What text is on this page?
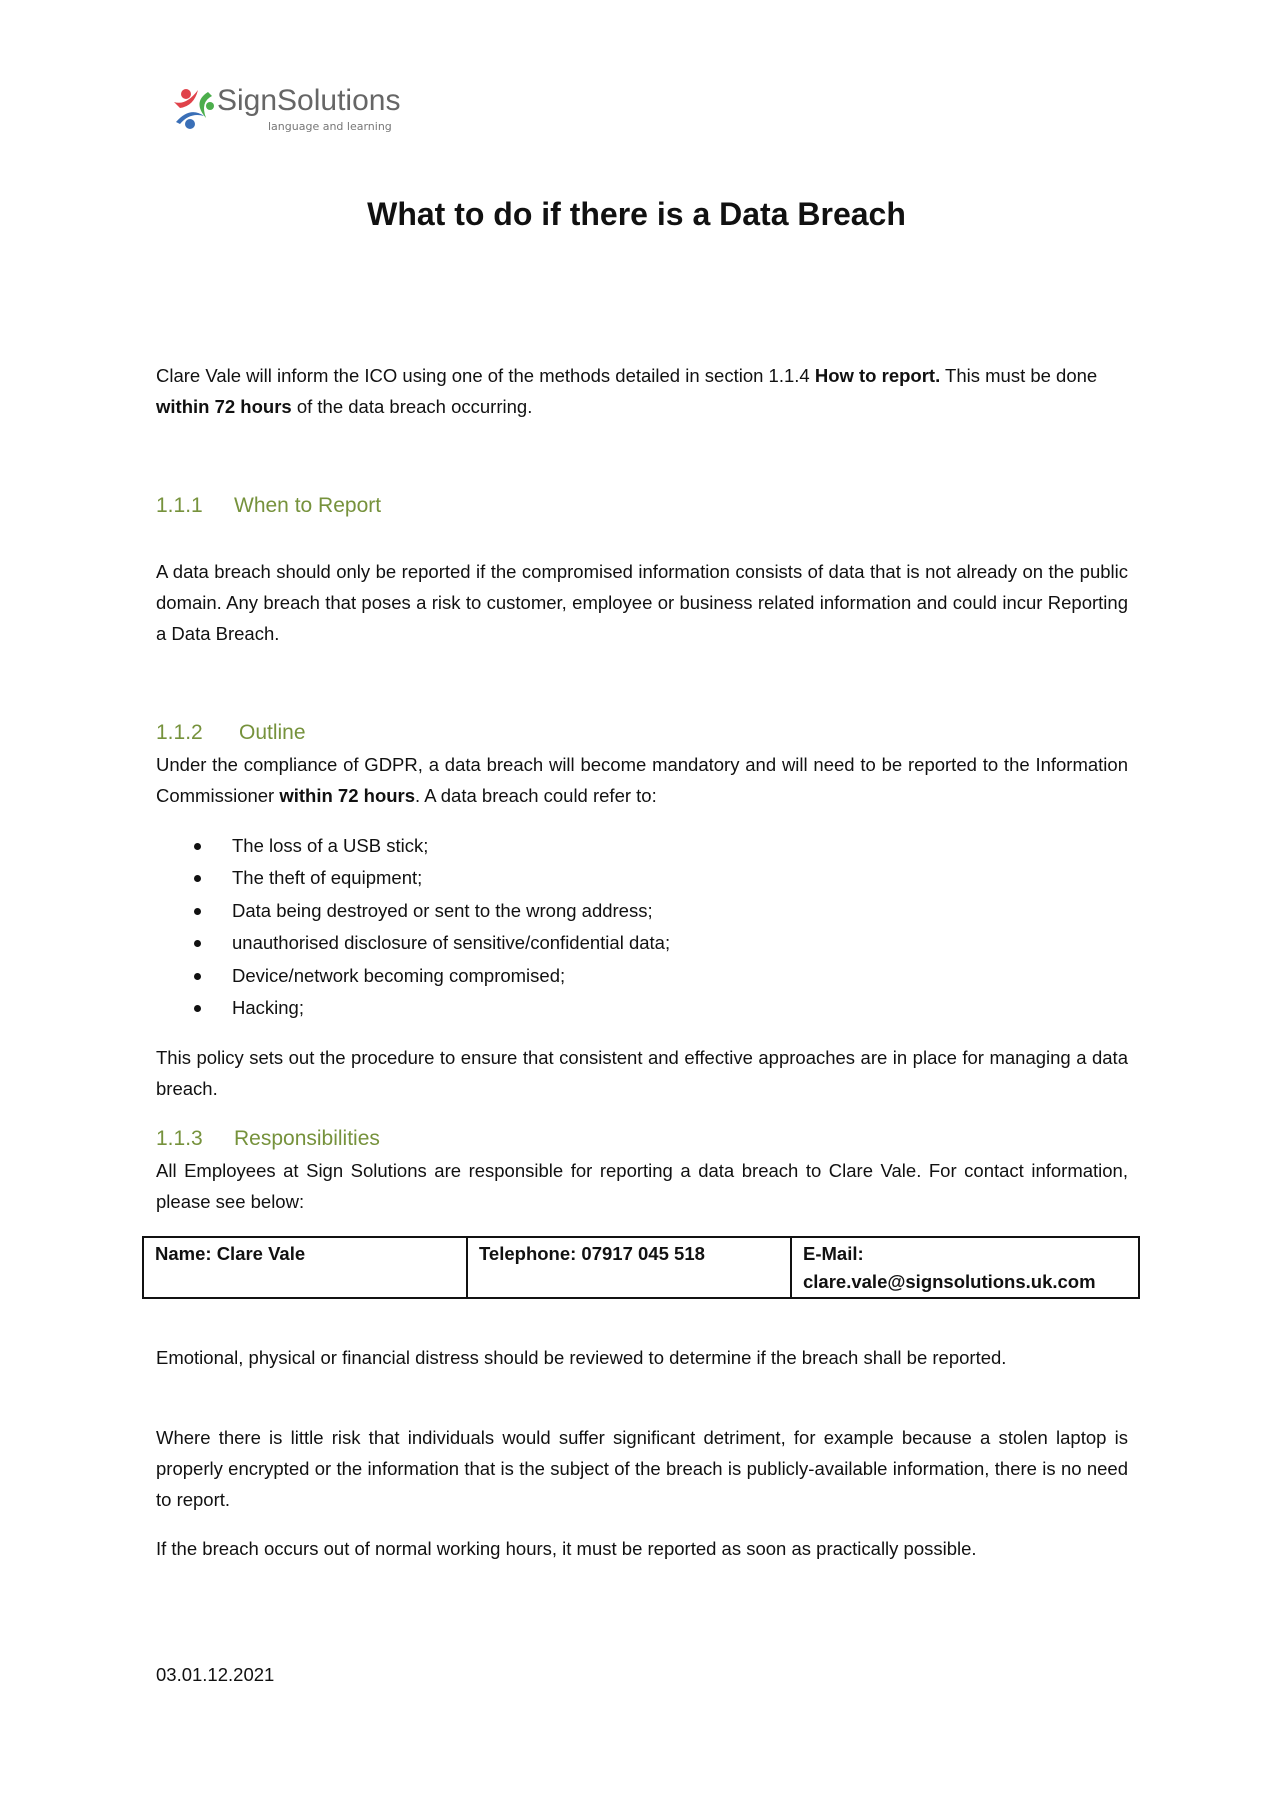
SignSolutions
language and learning
What to do if there is a Data Breach
Clare Vale will inform the ICO using one of the methods detailed in section 1.1.4 How to report. This must be done within 72 hours of the data breach occurring.
1.1.1 When to Report
A data breach should only be reported if the compromised information consists of data that is not already on the public domain. Any breach that poses a risk to customer, employee or business related information and could incur Reporting a Data Breach.
1.1.2 Outline
Under the compliance of GDPR, a data breach will become mandatory and will need to be reported to the Information Commissioner within 72 hours. A data breach could refer to:
The loss of a USB stick;
The theft of equipment;
Data being destroyed or sent to the wrong address;
unauthorised disclosure of sensitive/confidential data;
Device/network becoming compromised;
Hacking;
This policy sets out the procedure to ensure that consistent and effective approaches are in place for managing a data breach.
1.1.3 Responsibilities
All Employees at Sign Solutions are responsible for reporting a data breach to Clare Vale. For contact information, please see below:
Name: Clare Vale	Telephone: 07917 045 518	E-Mail:
clare.vale@signsolutions.uk.com
Emotional, physical or financial distress should be reviewed to determine if the breach shall be reported.
Where there is little risk that individuals would suffer significant detriment, for example because a stolen laptop is properly encrypted or the information that is the subject of the breach is publicly-available information, there is no need to report.
If the breach occurs out of normal working hours, it must be reported as soon as practically possible.
03.01.12.2021
